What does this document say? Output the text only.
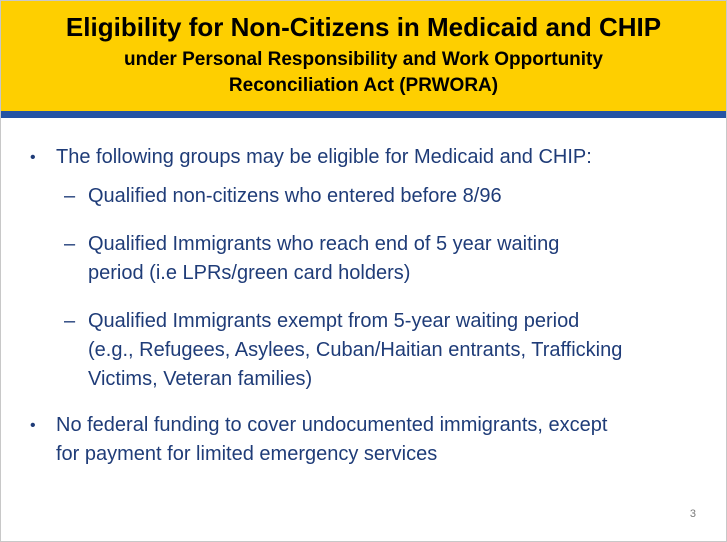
Eligibility for Non-Citizens in Medicaid and CHIP

under Personal Responsibility and Work Opportunity
Reconciliation Act (PRWORA)

• The following groups may be eligible for Medicaid and CHIP:
– Qualified non-citizens who entered before 8/96
– Qualified Immigrants who reach end of 5 year waiting
period (i.e LPRs/green card holders)
– Qualified Immigrants exempt from 5-year waiting period
(e.g., Refugees, Asylees, Cuban/Haitian entrants, Trafficking
Victims, Veteran families)
• No federal funding to cover undocumented immigrants, except
for payment for limited emergency services
3
